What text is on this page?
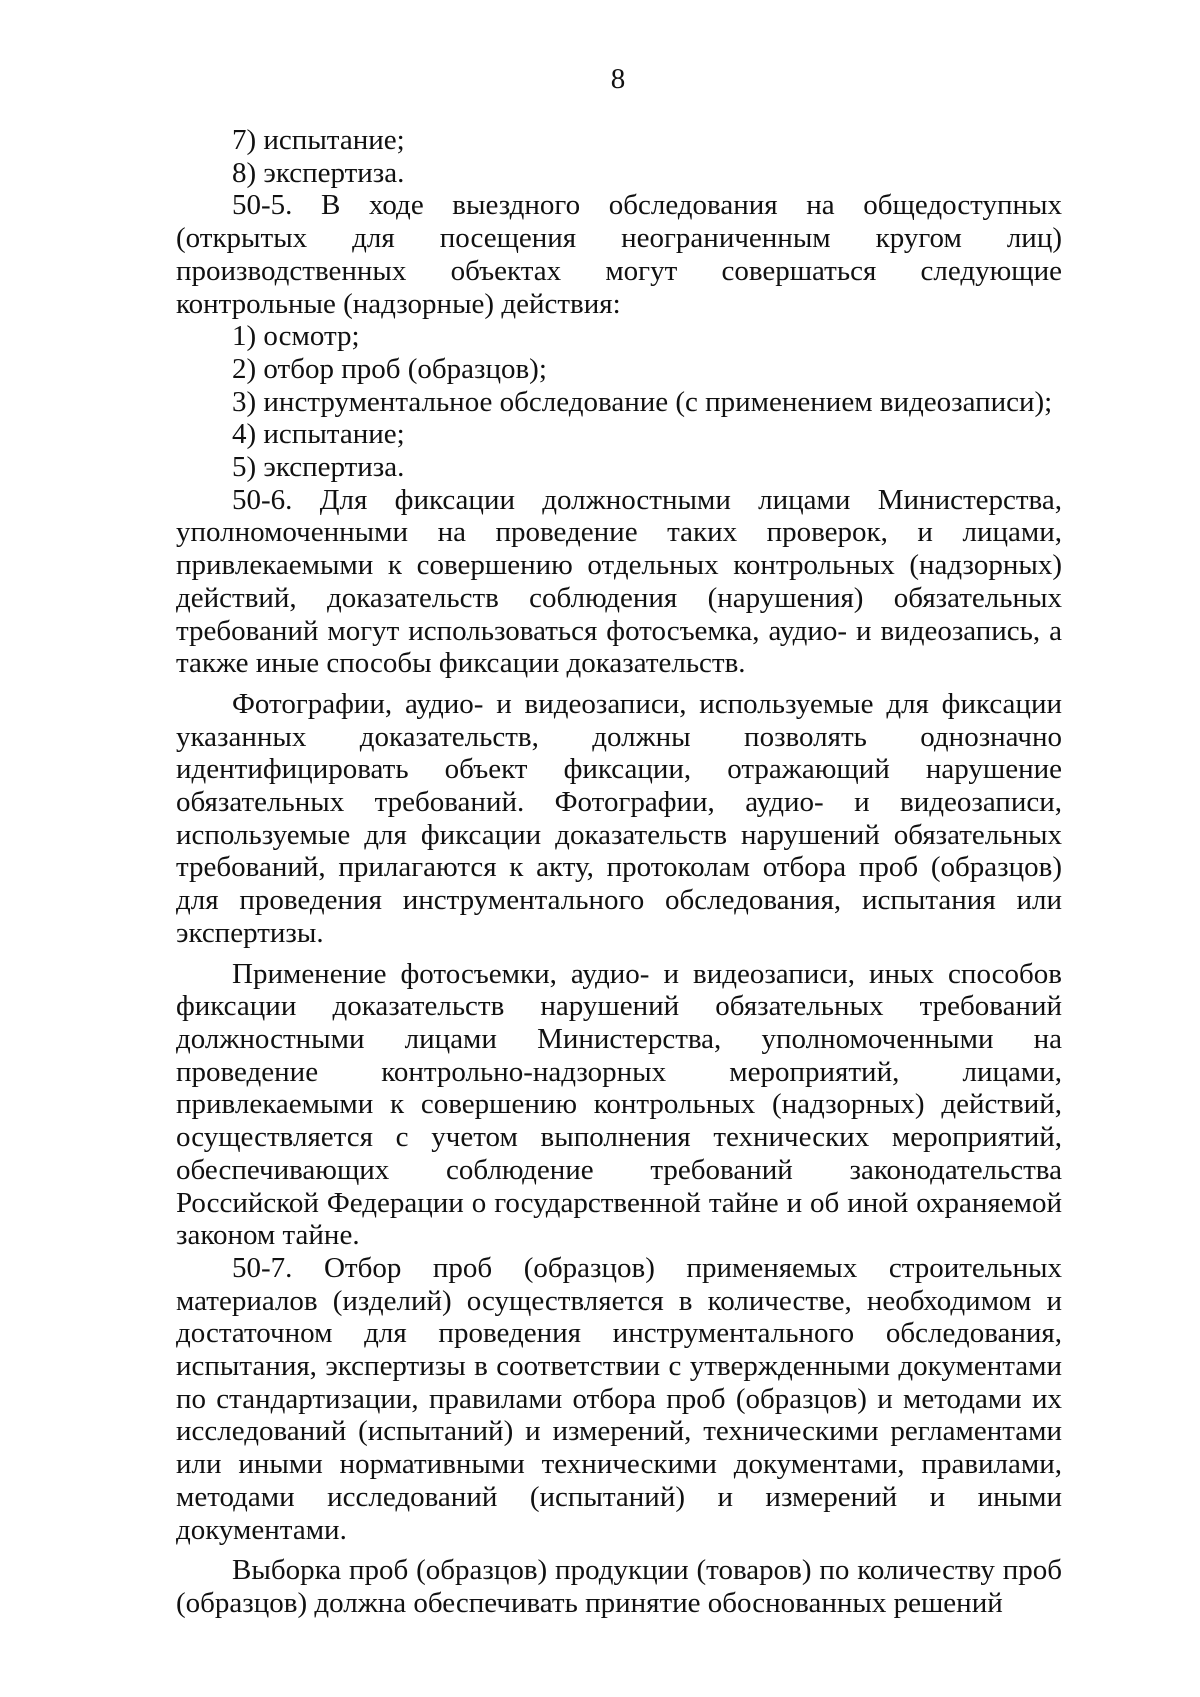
8

7) испытание;

8) экспертиза.

50-5. В ходе выездного обследования на общедоступных (открытых для посещения неограниченным кругом лиц) производственных объектах могут совершаться следующие контрольные (надзорные) действия:

1) осмотр;

2) отбор проб (образцов);

3) инструментальное обследование (с применением видеозаписи);

4) испытание;

5) экспертиза.

50-6. Для фиксации должностными лицами Министерства, уполномоченными на проведение таких проверок, и лицами, привлекаемыми к совершению отдельных контрольных (надзорных) действий, доказательств соблюдения (нарушения) обязательных требований могут использоваться фотосъемка, аудио- и видеозапись, а также иные способы фиксации доказательств.

Фотографии, аудио- и видеозаписи, используемые для фиксации указанных доказательств, должны позволять однозначно идентифицировать объект фиксации, отражающий нарушение обязательных требований. Фотографии, аудио- и видеозаписи, используемые для фиксации доказательств нарушений обязательных требований, прилагаются к акту, протоколам отбора проб (образцов) для проведения инструментального обследования, испытания или экспертизы.

Применение фотосъемки, аудио- и видеозаписи, иных способов фиксации доказательств нарушений обязательных требований должностными лицами Министерства, уполномоченными на проведение контрольно-надзорных мероприятий, лицами, привлекаемыми к совершению контрольных (надзорных) действий, осуществляется с учетом выполнения технических мероприятий, обеспечивающих соблюдение требований законодательства Российской Федерации о государственной тайне и об иной охраняемой законом тайне.

50-7. Отбор проб (образцов) применяемых строительных материалов (изделий) осуществляется в количестве, необходимом и достаточном для проведения инструментального обследования, испытания, экспертизы в соответствии с утвержденными документами по стандартизации, правилами отбора проб (образцов) и методами их исследований (испытаний) и измерений, техническими регламентами или иными нормативными техническими документами, правилами, методами исследований (испытаний) и измерений и иными документами.

Выборка проб (образцов) продукции (товаров) по количеству проб (образцов) должна обеспечивать принятие обоснованных решений
